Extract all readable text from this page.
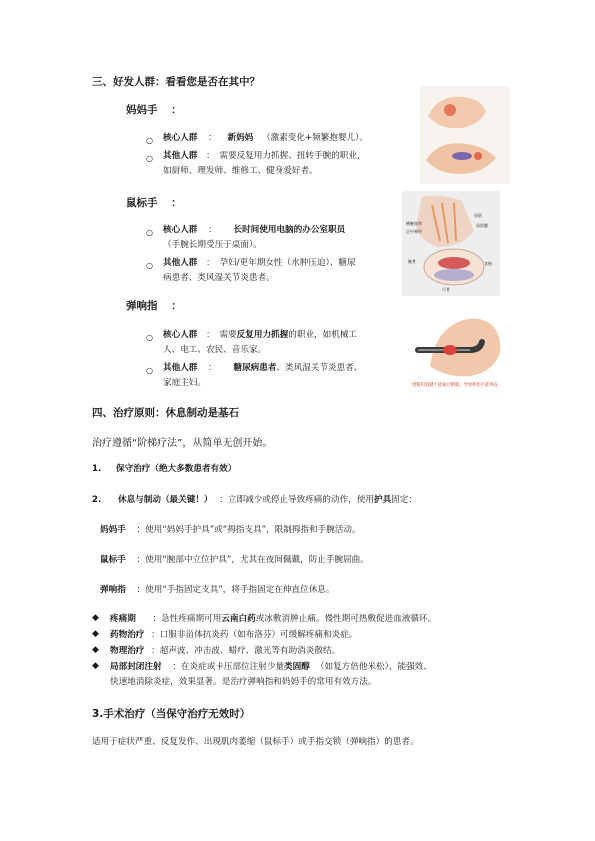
三、好发人群：看看您是否在其中？
妈妈手 ：
○ 核心人群 ： 新妈妈 （激素变化+频繁抱婴儿）。
○ 其他人群 ： 需要反复用力抓握、扭转手腕的职业，
如厨师、理发师、维修工、健身爱好者。
鼠标手 ：
○ 核心人群 ： 长时间使用电脑的办公室职员
（手腕长期受压于桌面）。
○ 其他人群 ： 孕妇/更年期女性（水肿压迫）、糖尿
病患者、类风湿关节炎患者。
屈肌
横腕韧带
正中神经
屈肌腱
腕骨	食指
尺骨
弹响指 ：
○ 核心人群 ： 需要反复用力抓握的职业，如机械工
人、电工、农民、音乐家。
○ 其他人群 ： 糖尿病患者、类风湿关节炎患者、
家庭主妇。	增粗的肌腱不能通过鞘膜，导致伸指不能伸直。
四、治疗原则：休息制动是基石
治疗遵循“阶梯疗法”，从简单无创开始。
1. 保守治疗（绝大多数患者有效）
2. 休息与制动（最关键！） ：立即减少或停止导致疼痛的动作，使用护具固定：
妈妈手 ：使用“妈妈手护具”或“拇指支具”，限制拇指和手腕活动。
鼠标手 ：使用“腕部中立位护具”，尤其在夜间佩戴，防止手腕屈曲。
弹响指 ：使用“手指固定支具”，将手指固定在伸直位休息。
◆ 疼痛期 ：急性疼痛期可用云南白药或冰敷消肿止痛。慢性期可热敷促进血液循环。
◆ 药物治疗 ：口服非甾体抗炎药（如布洛芬）可缓解疼痛和炎症。
◆ 物理治疗 ：超声波、冲击波、蜡疗、激光等有助消炎散结。
◆ 局部封闭注射 ：在炎症或卡压部位注射少量类固醇 （如复方倍他米松），能强效、
快速地消除炎症，效果显著。是治疗弹响指和妈妈手的常用有效方法。
3.手术治疗（当保守治疗无效时）
适用于症状严重、反复发作、出现肌肉萎缩（鼠标手）或手指交锁（弹响指）的患者。
